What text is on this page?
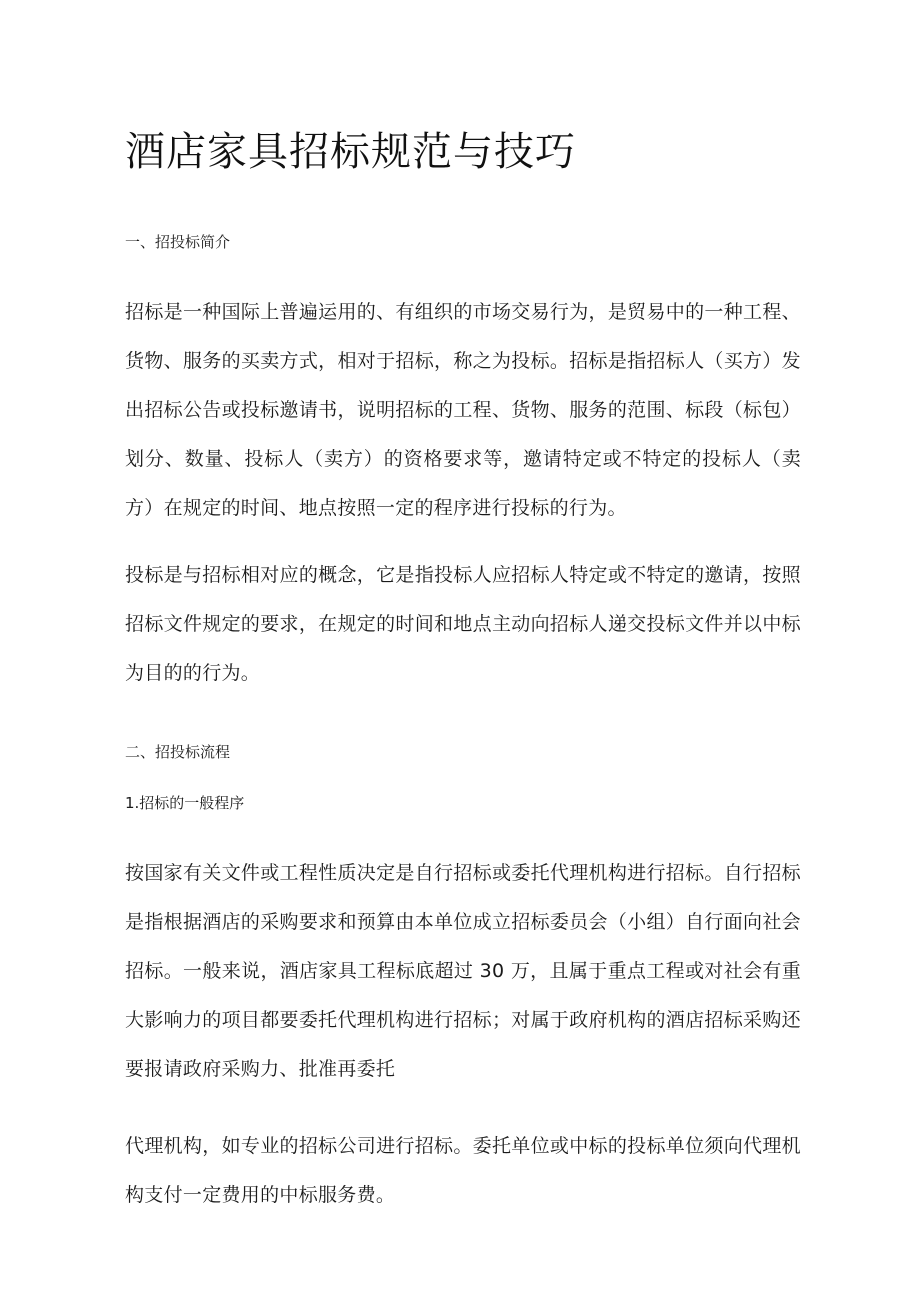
酒店家具招标规范与技巧
一、招投标简介

招标是一种国际上普遍运用的、有组织的市场交易行为，是贸易中的一种工程、货物、服务的买卖方式，相对于招标，称之为投标。招标是指招标人（买方）发出招标公告或投标邀请书，说明招标的工程、货物、服务的范围、标段（标包）划分、数量、投标人（卖方）的资格要求等，邀请特定或不特定的投标人（卖方）在规定的时间、地点按照一定的程序进行投标的行为。

投标是与招标相对应的概念，它是指投标人应招标人特定或不特定的邀请，按照招标文件规定的要求，在规定的时间和地点主动向招标人递交投标文件并以中标为目的的行为。

二、招投标流程
1.招标的一般程序

按国家有关文件或工程性质决定是自行招标或委托代理机构进行招标。自行招标是指根据酒店的采购要求和预算由本单位成立招标委员会（小组）自行面向社会招标。一般来说，酒店家具工程标底超过 30 万，且属于重点工程或对社会有重大影响力的项目都要委托代理机构进行招标；对属于政府机构的酒店招标采购还要报请政府采购力、批准再委托

代理机构，如专业的招标公司进行招标。委托单位或中标的投标单位须向代理机构支付一定费用的中标服务费。
